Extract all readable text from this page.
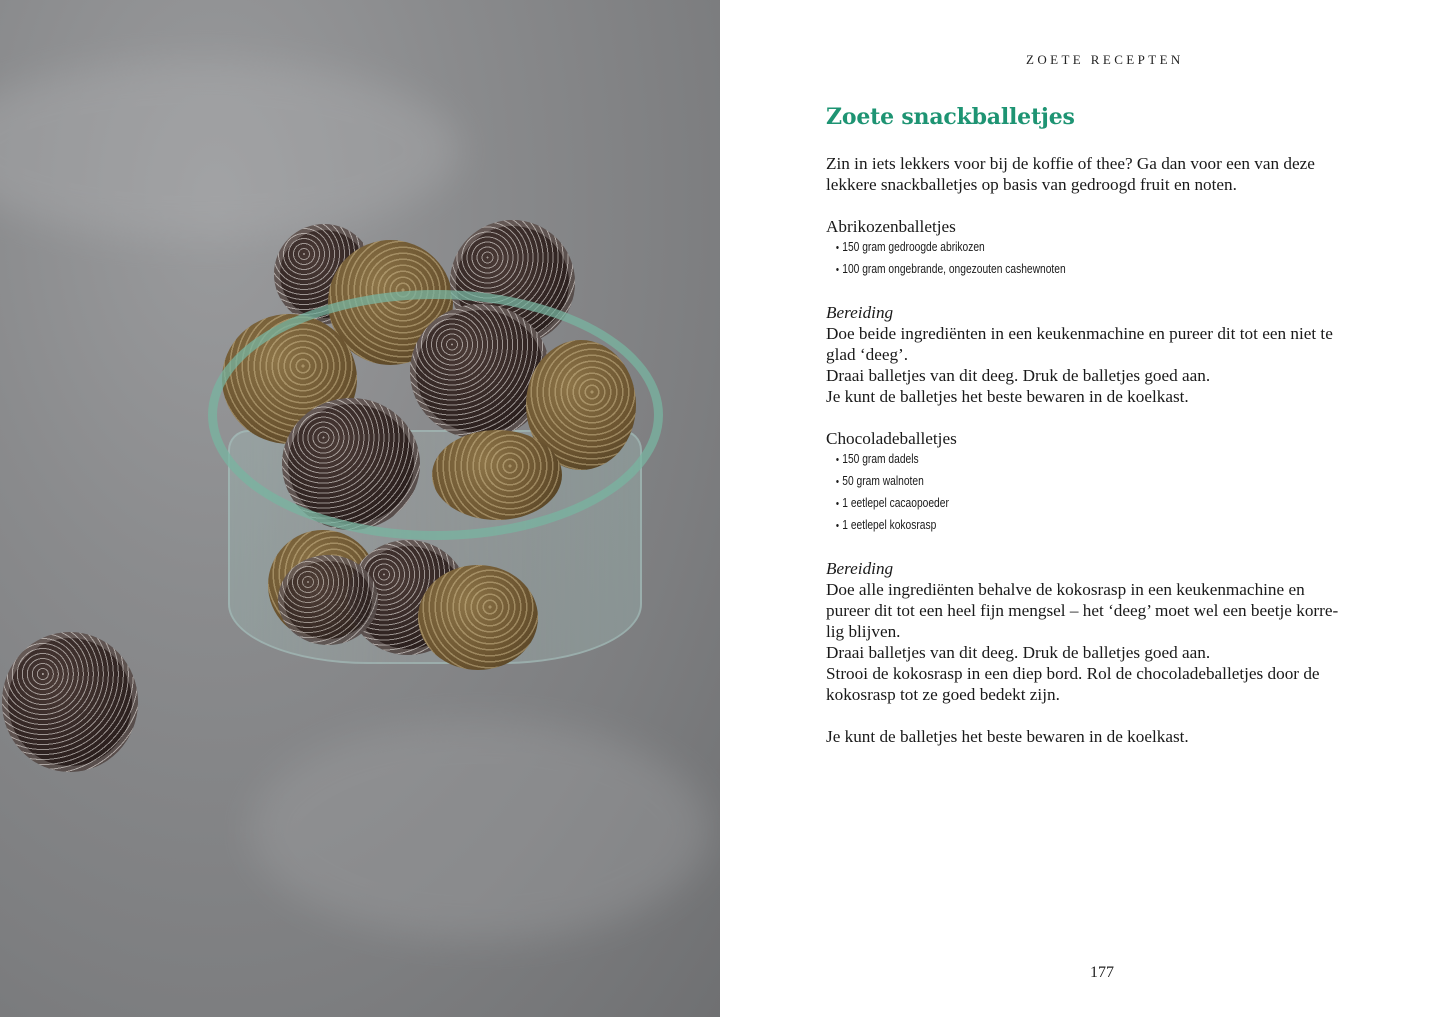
ZOETE RECEPTEN
Zoete snackballetjes

Zin in iets lekkers voor bij de koffie of thee? Ga dan voor een van deze

lekkere snackballetjes op basis van gedroogd fruit en noten.

Abrikozenballetjes

• 150 gram gedroogde abrikozen
• 100 gram ongebrande, ongezouten cashewnoten

Bereiding

Doe beide ingrediënten in een keukenmachine en pureer dit tot een niet te

glad ‘deeg’.

Draai balletjes van dit deeg. Druk de balletjes goed aan.

Je kunt de balletjes het beste bewaren in de koelkast.

Chocoladeballetjes

• 150 gram dadels
• 50 gram walnoten
• 1 eetlepel cacaopoeder
• 1 eetlepel kokosrasp

Bereiding

Doe alle ingrediënten behalve de kokosrasp in een keukenmachine en

pureer dit tot een heel fijn mengsel – het ‘deeg’ moet wel een beetje korre-

lig blijven.

Draai balletjes van dit deeg. Druk de balletjes goed aan.

Strooi de kokosrasp in een diep bord. Rol de chocoladeballetjes door de

kokosrasp tot ze goed bedekt zijn.

Je kunt de balletjes het beste bewaren in de koelkast.

177
